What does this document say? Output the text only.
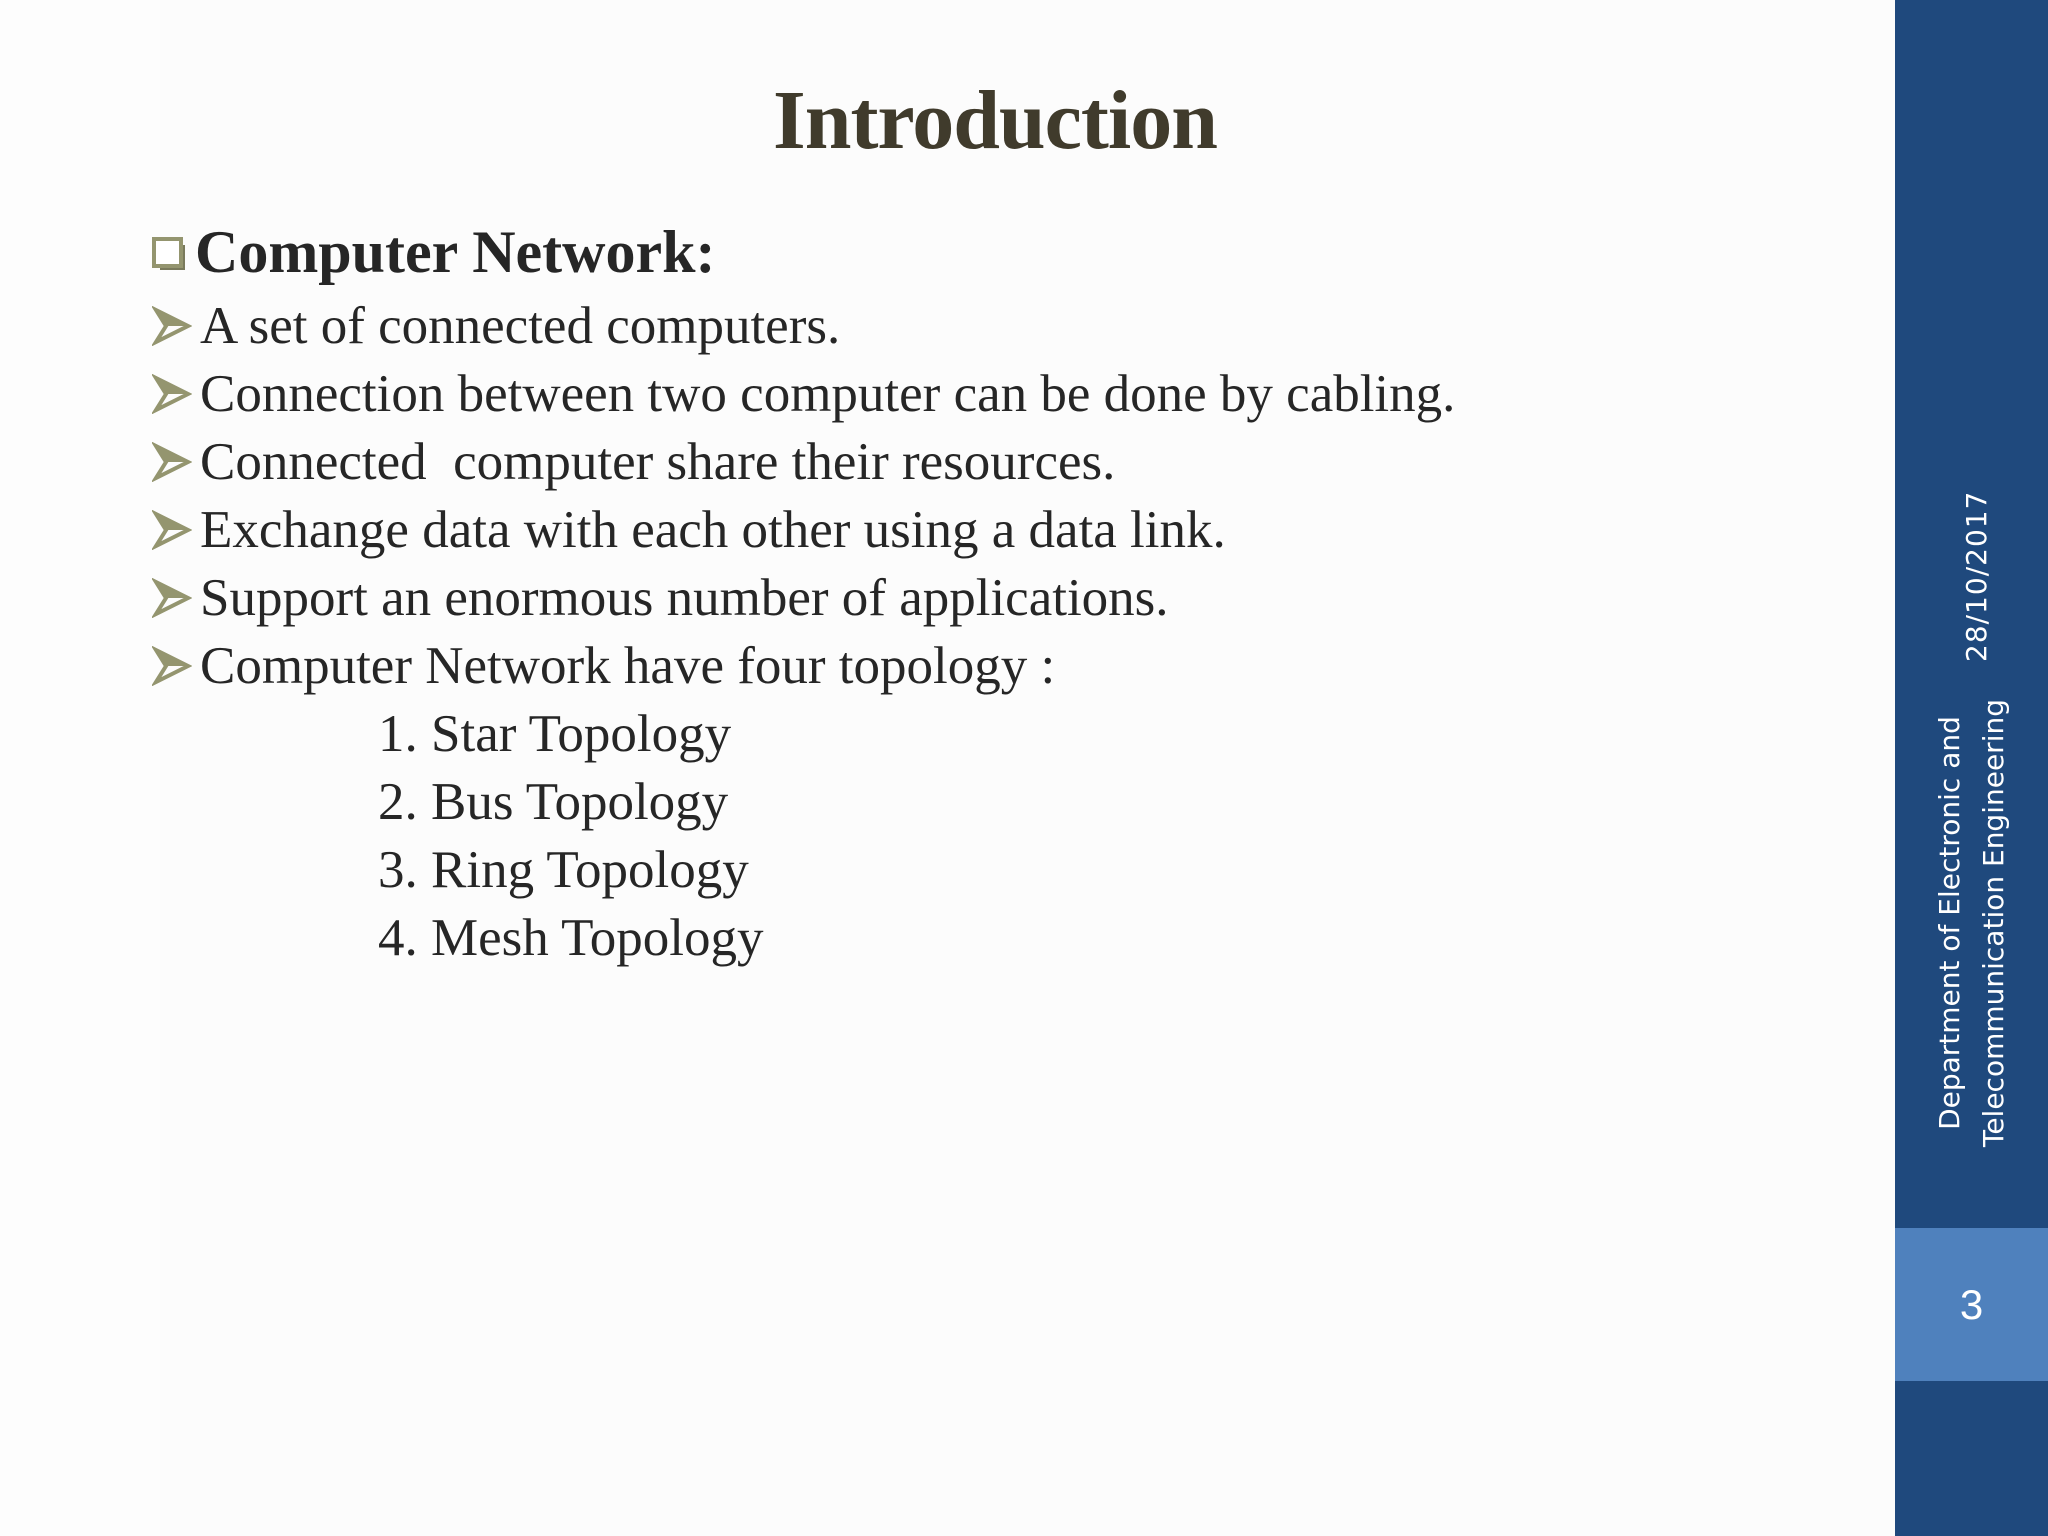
Introduction
Computer Network:

A set of connected computers.

Connection between two computer can be done by cabling.

Connected  computer share their resources.

Exchange data with each other using a data link.

Support an enormous number of applications.

Computer Network have four topology :
1. Star Topology
2. Bus Topology
3. Ring Topology
4. Mesh Topology
28/10/2017
Department of Electronic and Telecommunication Engineering
3
